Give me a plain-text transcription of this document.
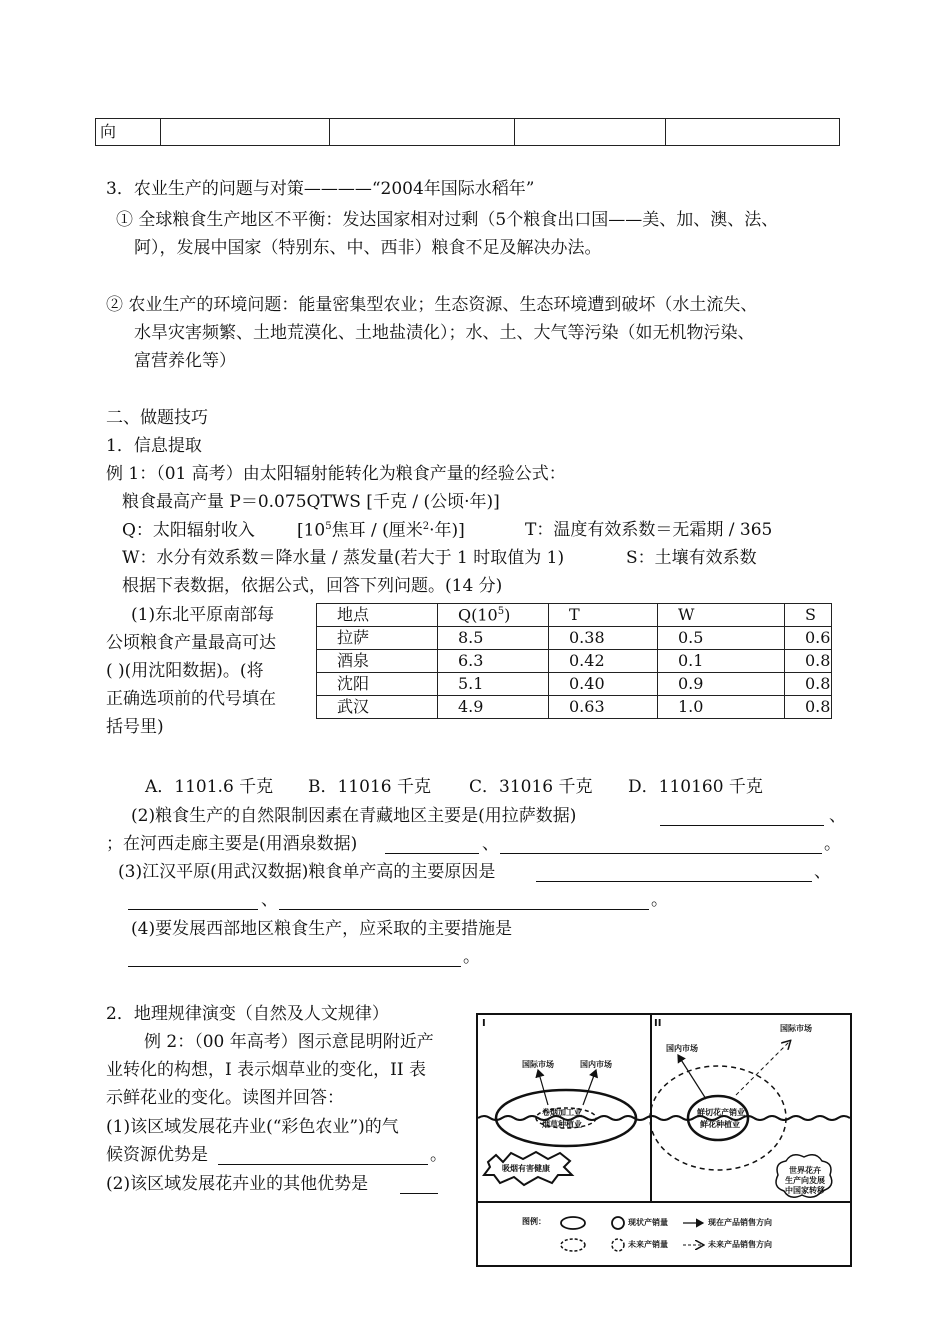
向				
3．农业生产的问题与对策————“2004年国际水稻年”
① 全球粮食生产地区不平衡：发达国家相对过剩（5个粮食出口国——美、加、澳、法、
阿），发展中国家（特别东、中、西非）粮食不足及解决办法。
② 农业生产的环境问题：能量密集型农业；生态资源、生态环境遭到破坏（水土流失、
水旱灾害频繁、土地荒漠化、土地盐渍化）；水、土、大气等污染（如无机物污染、
富营养化等）
二、做题技巧
1．信息提取
例 1：（01 高考）由太阳辐射能转化为粮食产量的经验公式：
粮食最高产量 P＝0.075QTWS [千克 / (公顷·年)]
Q：太阳辐射收入 [$10^5$焦耳 / (厘米$^2$·年)]	T：温度有效系数＝无霜期 / 365
W：水分有效系数＝降水量 / 蒸发量(若大于 1 时取值为 1)	S：土壤有效系数
根据下表数据，依据公式，回答下列问题。(14 分)
(1)东北平原南部每
公顷粮食产量最高可达
( )(用沈阳数据)。(将
正确选项前的代号填在
括号里)
地点	$Q(10^5)$	T	W	S
拉萨	8.5	0.38	0.5	0.6
酒泉	6.3	0.42	0.1	0.8
沈阳	5.1	0.40	0.9	0.8
武汉	4.9	0.63	1.0	0.8
A．1101.6 千克 B．11016 千克 C．31016 千克 D．110160 千克
(2)粮食生产的自然限制因素在青藏地区主要是(用拉萨数据)	、
；在河西走廊主要是(用酒泉数据)	、	。
(3)江汉平原(用武汉数据)粮食单产高的主要原因是	、
、	。
(4)要发展西部地区粮食生产，应采取的主要措施是
。
2．地理规律演变（自然及人文规律）
例 2：（00 年高考）图示意昆明附近产
业转化的构想，I 表示烟草业的变化，II 表
示鲜花业的变化。读图并回答：
(1)该区域发展花卉业(“彩色农业”)的气
候资源优势是	。
(2)该区域发展花卉业的其他优势是
I	II
国际市场	国内市场
卷烟加工业
烟草种植业
吸烟有害健康
国内市场
国际市场
鲜切花产销业
鲜花种植业
世界花卉
生产向发展
中国家转移
图例：	现状产销量	现在产品销售方向
未来产销量	未来产品销售方向
